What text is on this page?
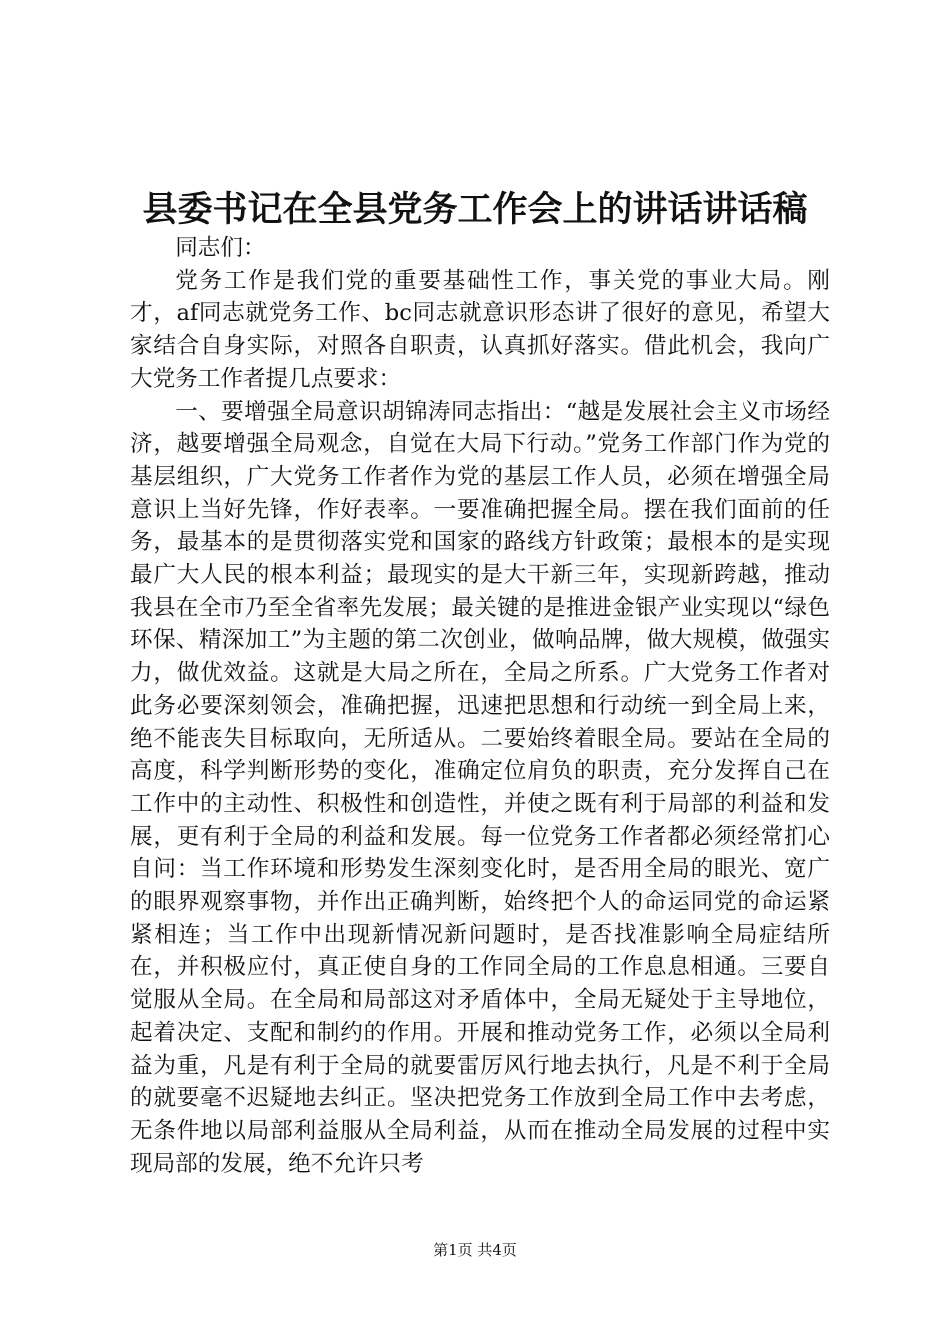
县委书记在全县党务工作会上的讲话讲话稿

同志们：

党务工作是我们党的重要基础性工作，事关党的事业大局。刚才，af同志就党务工作、bc同志就意识形态讲了很好的意见，希望大家结合自身实际，对照各自职责，认真抓好落实。借此机会，我向广大党务工作者提几点要求：

一、要增强全局意识胡锦涛同志指出：“越是发展社会主义市场经济，越要增强全局观念，自觉在大局下行动。”党务工作部门作为党的基层组织，广大党务工作者作为党的基层工作人员，必须在增强全局意识上当好先锋，作好表率。一要准确把握全局。摆在我们面前的任务，最基本的是贯彻落实党和国家的路线方针政策；最根本的是实现最广大人民的根本利益；最现实的是大干新三年，实现新跨越，推动我县在全市乃至全省率先发展；最关键的是推进金银产业实现以“绿色环保、精深加工”为主题的第二次创业，做响品牌，做大规模，做强实力，做优效益。这就是大局之所在，全局之所系。广大党务工作者对此务必要深刻领会，准确把握，迅速把思想和行动统一到全局上来，绝不能丧失目标取向，无所适从。二要始终着眼全局。要站在全局的高度，科学判断形势的变化，准确定位肩负的职责，充分发挥自己在工作中的主动性、积极性和创造性，并使之既有利于局部的利益和发展，更有利于全局的利益和发展。每一位党务工作者都必须经常扪心自问：当工作环境和形势发生深刻变化时，是否用全局的眼光、宽广的眼界观察事物，并作出正确判断，始终把个人的命运同党的命运紧紧相连；当工作中出现新情况新问题时，是否找准影响全局症结所在，并积极应付，真正使自身的工作同全局的工作息息相通。三要自觉服从全局。在全局和局部这对矛盾体中，全局无疑处于主导地位，起着决定、支配和制约的作用。开展和推动党务工作，必须以全局利益为重，凡是有利于全局的就要雷厉风行地去执行，凡是不利于全局的就要毫不迟疑地去纠正。坚决把党务工作放到全局工作中去考虑，无条件地以局部利益服从全局利益，从而在推动全局发展的过程中实现局部的发展，绝不允许只考

第1页 共4页
